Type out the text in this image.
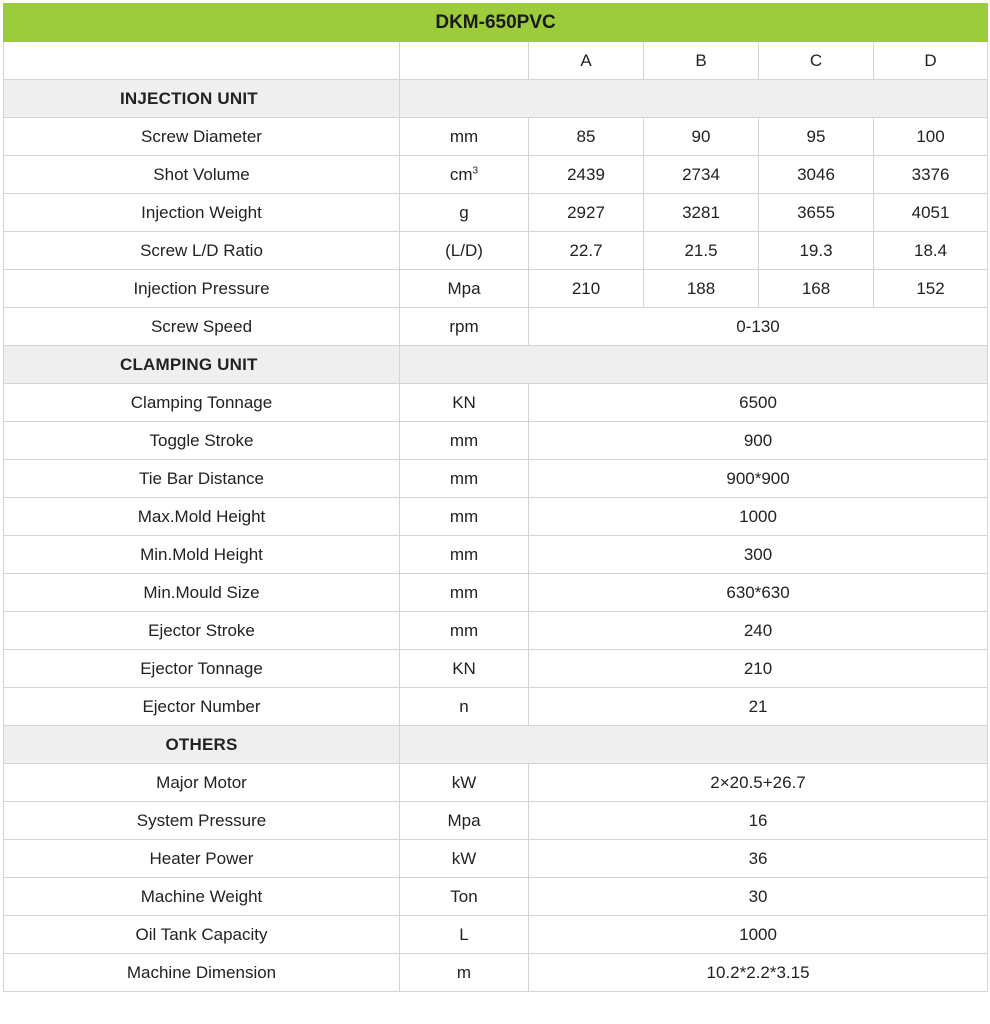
DKM-650PVC					
		A	B	C	D
INJECTION UNIT					
Screw Diameter	mm	85	90	95	100
Shot Volume	$cm^3$	2439	2734	3046	3376
Injection Weight	g	2927	3281	3655	4051
Screw L/D Ratio	(L/D)	22.7	21.5	19.3	18.4
Injection Pressure	Mpa	210	188	168	152
Screw Speed	rpm	0-130			
CLAMPING UNIT					
Clamping Tonnage	KN	6500			
Toggle Stroke	mm	900			
Tie Bar Distance	mm	900*900			
Max.Mold Height	mm	1000			
Min.Mold Height	mm	300			
Min.Mould Size	mm	630*630			
Ejector Stroke	mm	240			
Ejector Tonnage	KN	210			
Ejector Number	n	21			
OTHERS					
Major Motor	kW	2×20.5+26.7			
System Pressure	Mpa	16			
Heater Power	kW	36			
Machine Weight	Ton	30			
Oil Tank Capacity	L	1000			
Machine Dimension	m	10.2*2.2*3.15			
